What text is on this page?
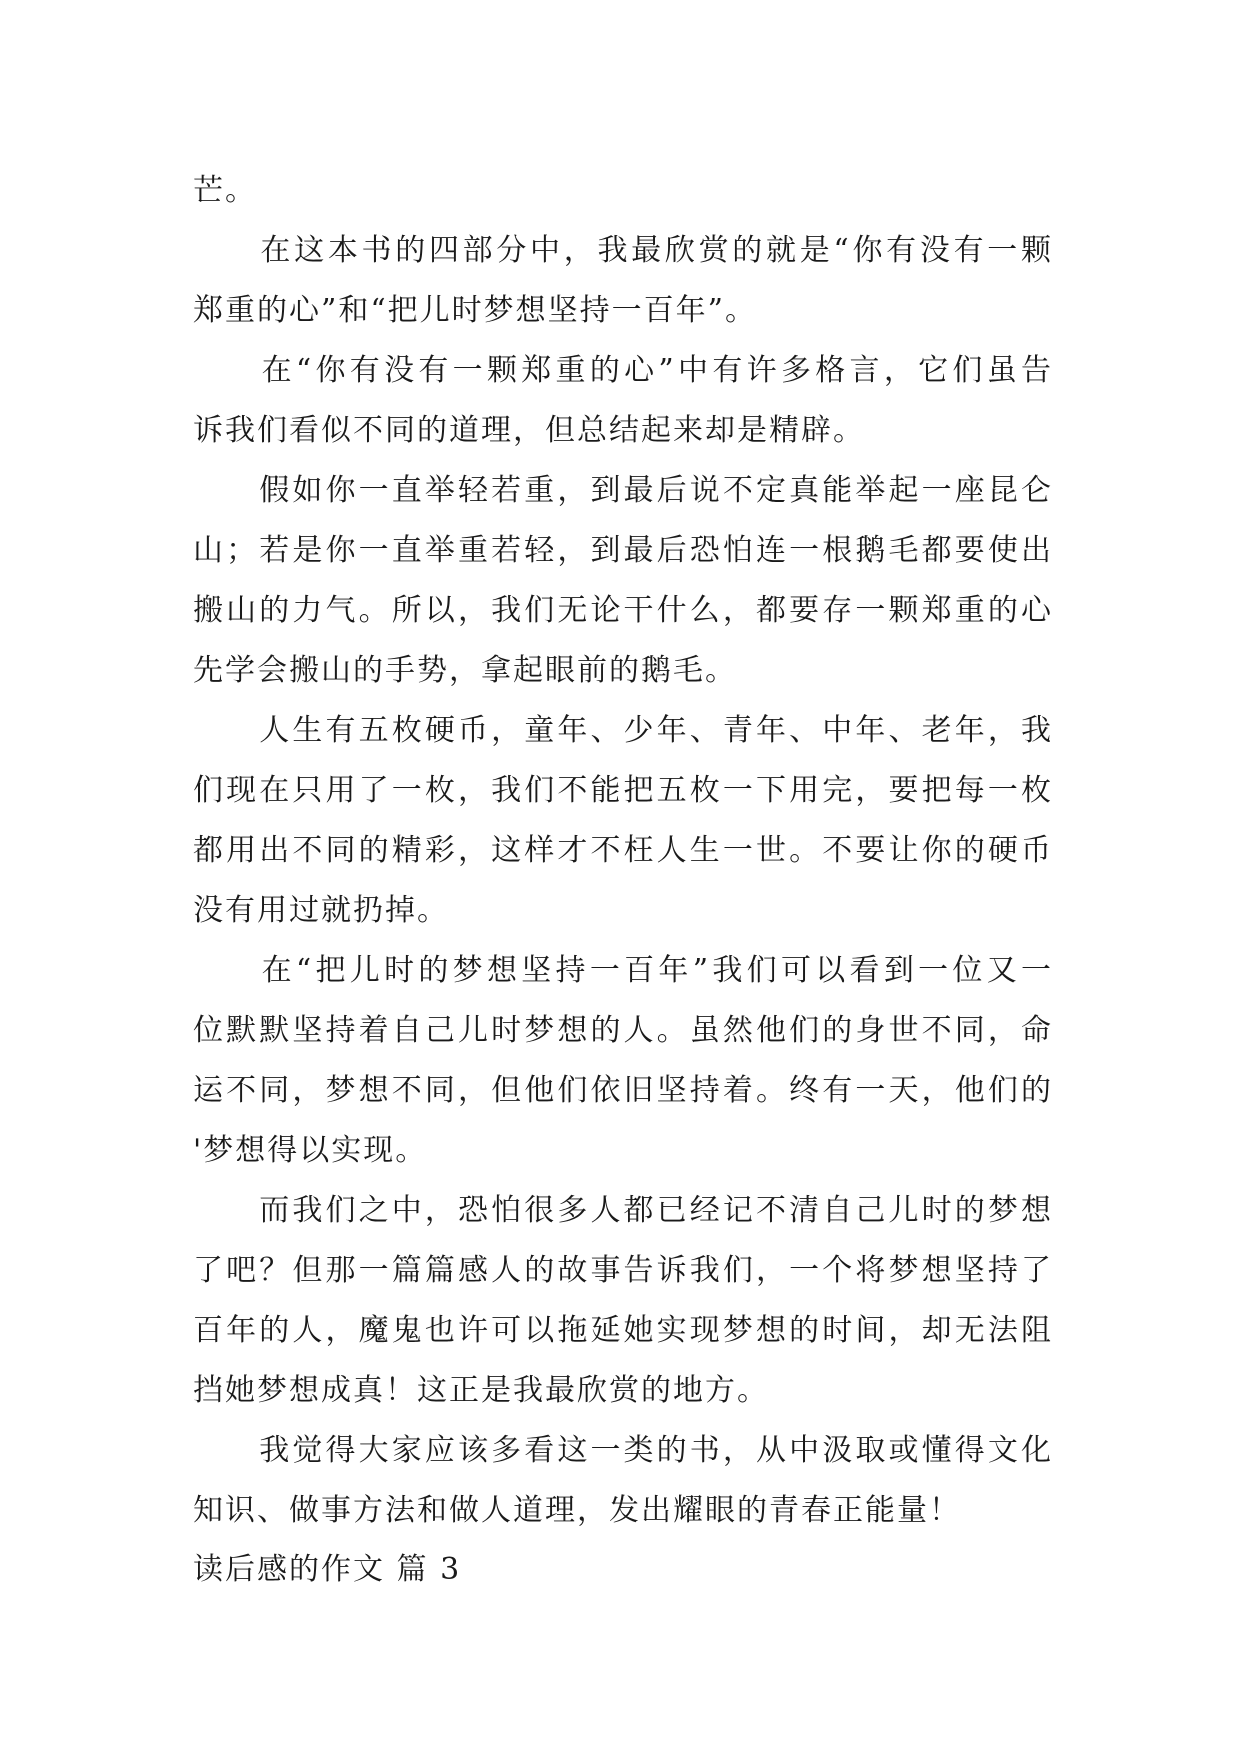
芒。
　　在这本书的四部分中，我最欣赏的就是“你有没有一颗
郑重的心”和“把儿时梦想坚持一百年”。
　　在“你有没有一颗郑重的心”中有许多格言，它们虽告
诉我们看似不同的道理，但总结起来却是精辟。
　　假如你一直举轻若重，到最后说不定真能举起一座昆仑
山；若是你一直举重若轻，到最后恐怕连一根鹅毛都要使出
搬山的力气。所以，我们无论干什么，都要存一颗郑重的心
先学会搬山的手势，拿起眼前的鹅毛。
　　人生有五枚硬币，童年、少年、青年、中年、老年，我
们现在只用了一枚，我们不能把五枚一下用完，要把每一枚
都用出不同的精彩，这样才不枉人生一世。不要让你的硬币
没有用过就扔掉。
　　在“把儿时的梦想坚持一百年”我们可以看到一位又一
位默默坚持着自己儿时梦想的人。虽然他们的身世不同，命
运不同，梦想不同，但他们依旧坚持着。终有一天，他们的
'梦想得以实现。
　　而我们之中，恐怕很多人都已经记不清自己儿时的梦想
了吧？但那一篇篇感人的故事告诉我们，一个将梦想坚持了
百年的人，魔鬼也许可以拖延她实现梦想的时间，却无法阻
挡她梦想成真！这正是我最欣赏的地方。
　　我觉得大家应该多看这一类的书，从中汲取或懂得文化
知识、做事方法和做人道理，发出耀眼的青春正能量！
读后感的作文 篇 3
